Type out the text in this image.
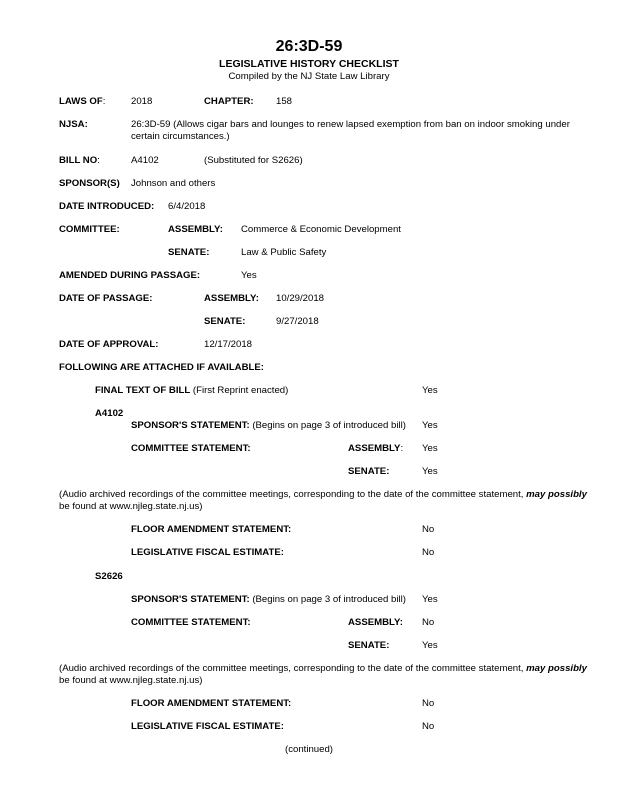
26:3D-59
LEGISLATIVE HISTORY CHECKLIST
Compiled by the NJ State Law Library
LAWS OF:	2018	CHAPTER: 158
NJSA:	26:3D-59 (Allows cigar bars and lounges to renew lapsed exemption from ban on indoor smoking under certain circumstances.)
BILL NO:	A4102	(Substituted for S2626)
SPONSOR(S) Johnson and others
DATE INTRODUCED: 6/4/2018
COMMITTEE:	ASSEMBLY: Commerce & Economic Development
SENATE:	Law & Public Safety
AMENDED DURING PASSAGE:	Yes
DATE OF PASSAGE:	ASSEMBLY: 10/29/2018
SENATE:	9/27/2018
DATE OF APPROVAL:	12/17/2018
FOLLOWING ARE ATTACHED IF AVAILABLE:
FINAL TEXT OF BILL (First Reprint enacted)	Yes
A4102
SPONSOR'S STATEMENT: (Begins on page 3 of introduced bill) Yes
COMMITTEE STATEMENT:	ASSEMBLY: Yes
SENATE:	Yes
(Audio archived recordings of the committee meetings, corresponding to the date of the committee statement, may possibly
be found at www.njleg.state.nj.us)
FLOOR AMENDMENT STATEMENT:	No
LEGISLATIVE FISCAL ESTIMATE:	No
S2626
SPONSOR'S STATEMENT: (Begins on page 3 of introduced bill) Yes
COMMITTEE STATEMENT:	ASSEMBLY: No
SENATE:	Yes
(Audio archived recordings of the committee meetings, corresponding to the date of the committee statement, may possibly
be found at www.njleg.state.nj.us)
FLOOR AMENDMENT STATEMENT:	No
LEGISLATIVE FISCAL ESTIMATE:	No
(continued)
